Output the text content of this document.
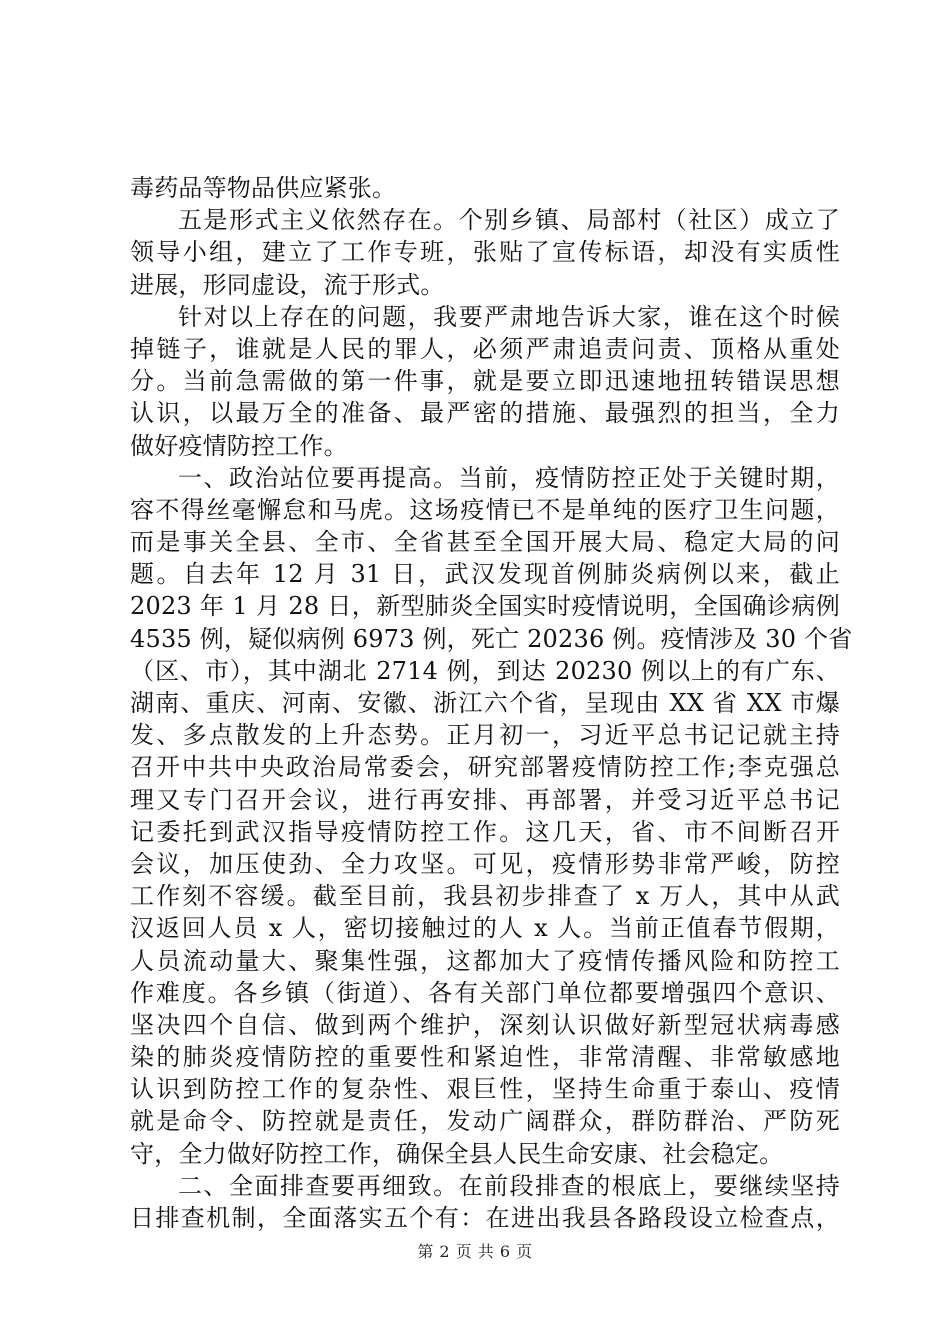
毒药品等物品供应紧张。
五是形式主义依然存在。个别乡镇、局部村（社区）成立了
领导小组，建立了工作专班，张贴了宣传标语，却没有实质性
进展，形同虚设，流于形式。
针对以上存在的问题，我要严肃地告诉大家，谁在这个时候
掉链子，谁就是人民的罪人，必须严肃追责问责、顶格从重处
分。当前急需做的第一件事，就是要立即迅速地扭转错误思想
认识，以最万全的准备、最严密的措施、最强烈的担当，全力
做好疫情防控工作。
一、政治站位要再提高。当前，疫情防控正处于关键时期，
容不得丝毫懈怠和马虎。这场疫情已不是单纯的医疗卫生问题，
而是事关全县、全市、全省甚至全国开展大局、稳定大局的问
题。自去年 12 月 31 日，武汉发现首例肺炎病例以来，截止
2023 年 1 月 28 日，新型肺炎全国实时疫情说明，全国确诊病例
4535 例，疑似病例 6973 例，死亡 20236 例。疫情涉及 30 个省
（区、市），其中湖北 2714 例，到达 20230 例以上的有广东、
湖南、重庆、河南、安徽、浙江六个省，呈现由 XX 省 XX 市爆
发、多点散发的上升态势。正月初一，习近平总书记记就主持
召开中共中央政治局常委会，研究部署疫情防控工作;李克强总
理又专门召开会议，进行再安排、再部署，并受习近平总书记
记委托到武汉指导疫情防控工作。这几天，省、市不间断召开
会议，加压使劲、全力攻坚。可见，疫情形势非常严峻，防控
工作刻不容缓。截至目前，我县初步排查了 x 万人，其中从武
汉返回人员 x 人，密切接触过的人 x 人。当前正值春节假期，
人员流动量大、聚集性强，这都加大了疫情传播风险和防控工
作难度。各乡镇（街道）、各有关部门单位都要增强四个意识、
坚决四个自信、做到两个维护，深刻认识做好新型冠状病毒感
染的肺炎疫情防控的重要性和紧迫性，非常清醒、非常敏感地
认识到防控工作的复杂性、艰巨性，坚持生命重于泰山、疫情
就是命令、防控就是责任，发动广阔群众，群防群治、严防死
守，全力做好防控工作，确保全县人民生命安康、社会稳定。
二、全面排查要再细致。在前段排查的根底上，要继续坚持
日排查机制，全面落实五个有：在进出我县各路段设立检查点，
第 2 页 共 6 页
